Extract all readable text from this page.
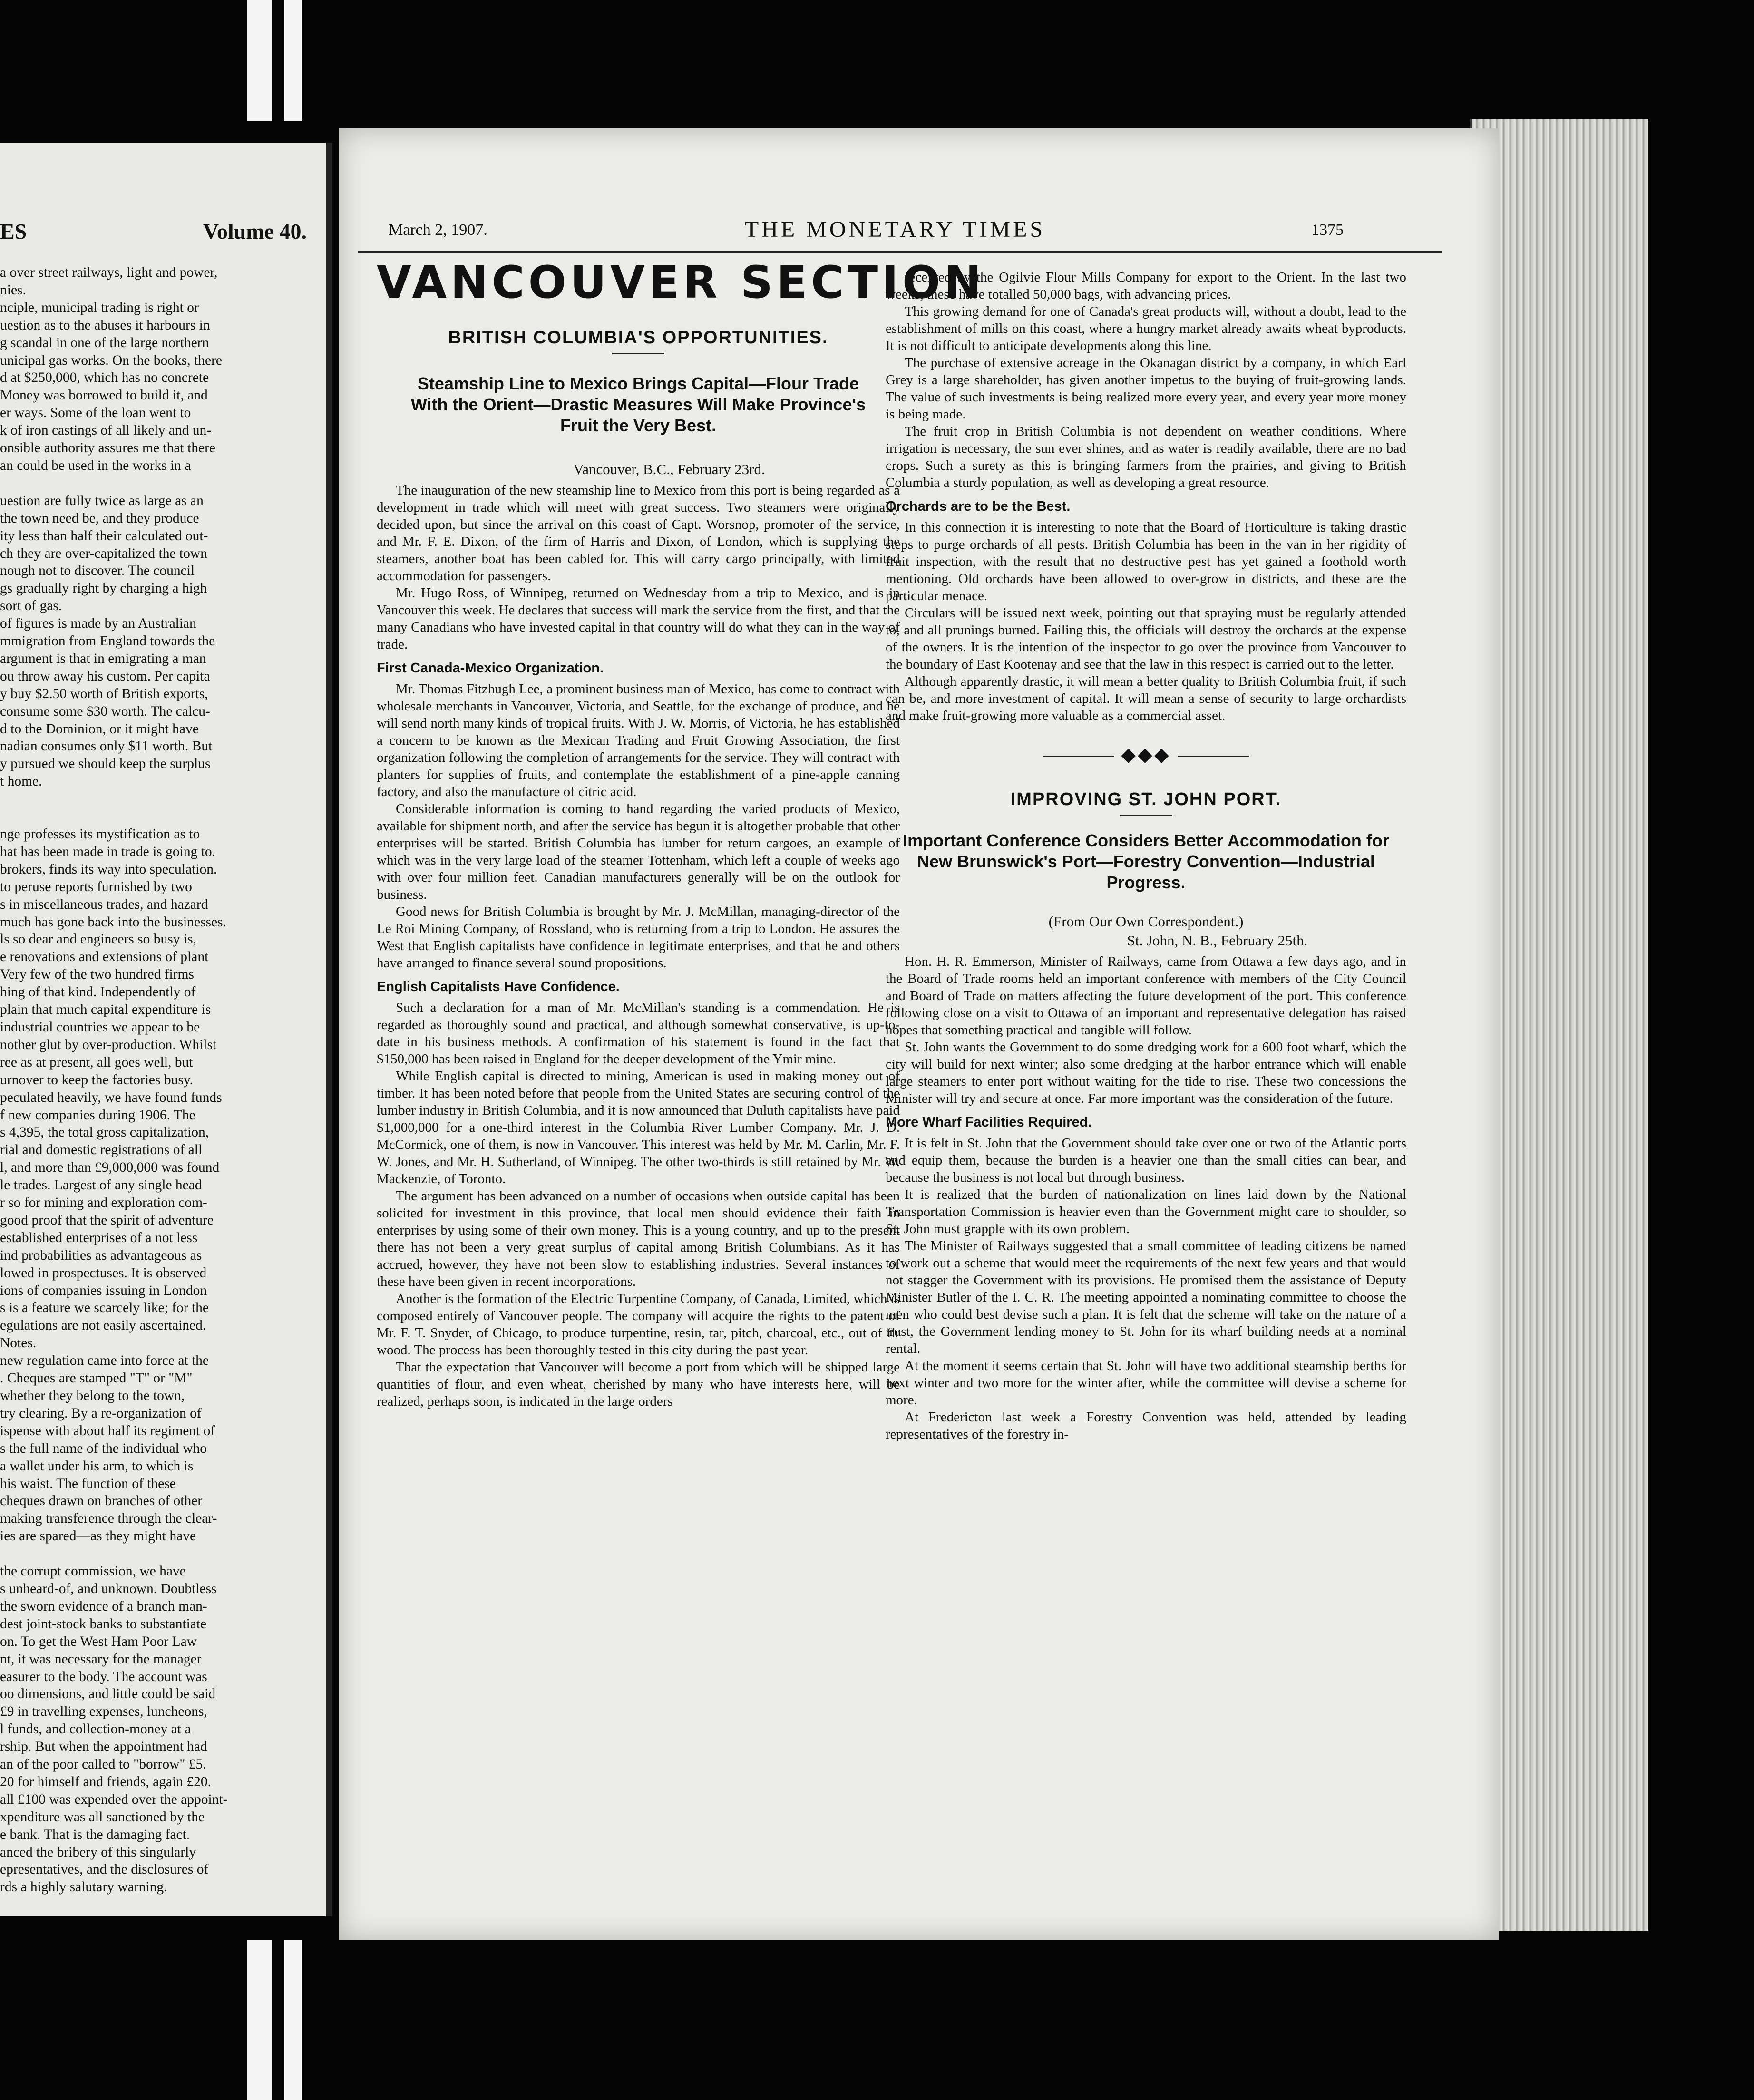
ES	Volume 40.
a over street railways, light and power,
nies.
nciple, municipal trading is right or
uestion as to the abuses it harbours in
g scandal in one of the large northern
unicipal gas works. On the books, there
d at $250,000, which has no concrete
Money was borrowed to build it, and
er ways. Some of the loan went to
k of iron castings of all likely and un-
onsible authority assures me that there
an could be used in the works in a

uestion are fully twice as large as an
the town need be, and they produce
ity less than half their calculated out-
ch they are over-capitalized the town
nough not to discover. The council
gs gradually right by charging a high
sort of gas.
of figures is made by an Australian
mmigration from England towards the
argument is that in emigrating a man
ou throw away his custom. Per capita
y buy $2.50 worth of British exports,
consume some $30 worth. The calcu-
d to the Dominion, or it might have
nadian consumes only $11 worth. But
y pursued we should keep the surplus
t home.

nge professes its mystification as to
hat has been made in trade is going to.
brokers, finds its way into speculation.
to peruse reports furnished by two
s in miscellaneous trades, and hazard
much has gone back into the businesses.
ls so dear and engineers so busy is,
e renovations and extensions of plant
Very few of the two hundred firms
hing of that kind. Independently of
plain that much capital expenditure is
industrial countries we appear to be
nother glut by over-production. Whilst
ree as at present, all goes well, but
urnover to keep the factories busy.
peculated heavily, we have found funds
f new companies during 1906. The
s 4,395, the total gross capitalization,
rial and domestic registrations of all
l, and more than £9,000,000 was found
le trades. Largest of any single head
r so for mining and exploration com-
good proof that the spirit of adventure
established enterprises of a not less
ind probabilities as advantageous as
lowed in prospectuses. It is observed
ions of companies issuing in London
s is a feature we scarcely like; for the
egulations are not easily ascertained.
Notes.
new regulation came into force at the
. Cheques are stamped "T" or "M"
whether they belong to the town,
try clearing. By a re-organization of
ispense with about half its regiment of
s the full name of the individual who
a wallet under his arm, to which is
his waist. The function of these
cheques drawn on branches of other
making transference through the clear-
ies are spared—as they might have

the corrupt commission, we have
s unheard-of, and unknown. Doubtless
the sworn evidence of a branch man-
dest joint-stock banks to substantiate
on. To get the West Ham Poor Law
nt, it was necessary for the manager
easurer to the body. The account was
oo dimensions, and little could be said
£9 in travelling expenses, luncheons,
l funds, and collection-money at a
rship. But when the appointment had
an of the poor called to "borrow" £5.
20 for himself and friends, again £20.
all £100 was expended over the appoint-
xpenditure was all sanctioned by the
e bank. That is the damaging fact.
anced the bribery of this singularly
epresentatives, and the disclosures of
rds a highly salutary warning.
March 2, 1907.	THE MONETARY TIMES	1375
VANCOUVER SECTION
BRITISH COLUMBIA'S OPPORTUNITIES.
Steamship Line to Mexico Brings Capital—Flour Trade With the Orient—Drastic Measures Will Make Province's Fruit the Very Best.
Vancouver, B.C., February 23rd.

The inauguration of the new steamship line to Mexico from this port is being regarded as a development in trade which will meet with great success. Two steamers were originally decided upon, but since the arrival on this coast of Capt. Worsnop, promoter of the service, and Mr. F. E. Dixon, of the firm of Harris and Dixon, of London, which is supplying the steamers, another boat has been cabled for. This will carry cargo principally, with limited accommodation for passengers.

Mr. Hugo Ross, of Winnipeg, returned on Wednesday from a trip to Mexico, and is in Vancouver this week. He declares that success will mark the service from the first, and that the many Canadians who have invested capital in that country will do what they can in the way of trade.

First Canada-Mexico Organization.

Mr. Thomas Fitzhugh Lee, a prominent business man of Mexico, has come to contract with wholesale merchants in Vancouver, Victoria, and Seattle, for the exchange of produce, and he will send north many kinds of tropical fruits. With J. W. Morris, of Victoria, he has established a concern to be known as the Mexican Trading and Fruit Growing Association, the first organization following the completion of arrangements for the service. They will contract with planters for supplies of fruits, and contemplate the establishment of a pine-apple canning factory, and also the manufacture of citric acid.

Considerable information is coming to hand regarding the varied products of Mexico, available for shipment north, and after the service has begun it is altogether probable that other enterprises will be started. British Columbia has lumber for return cargoes, an example of which was in the very large load of the steamer Tottenham, which left a couple of weeks ago with over four million feet. Canadian manufacturers generally will be on the outlook for business.

Good news for British Columbia is brought by Mr. J. McMillan, managing-director of the Le Roi Mining Company, of Rossland, who is returning from a trip to London. He assures the West that English capitalists have confidence in legitimate enterprises, and that he and others have arranged to finance several sound propositions.

English Capitalists Have Confidence.

Such a declaration for a man of Mr. McMillan's standing is a commendation. He is regarded as thoroughly sound and practical, and although somewhat conservative, is up-to-date in his business methods. A confirmation of his statement is found in the fact that $150,000 has been raised in England for the deeper development of the Ymir mine.

While English capital is directed to mining, American is used in making money out of timber. It has been noted before that people from the United States are securing control of the lumber industry in British Columbia, and it is now announced that Duluth capitalists have paid $1,000,000 for a one-third interest in the Columbia River Lumber Company. Mr. J. D. McCormick, one of them, is now in Vancouver. This interest was held by Mr. M. Carlin, Mr. F. W. Jones, and Mr. H. Sutherland, of Winnipeg. The other two-thirds is still retained by Mr. W. Mackenzie, of Toronto.

The argument has been advanced on a number of occasions when outside capital has been solicited for investment in this province, that local men should evidence their faith in enterprises by using some of their own money. This is a young country, and up to the present there has not been a very great surplus of capital among British Columbians. As it has accrued, however, they have not been slow to establishing industries. Several instances of these have been given in recent incorporations.

Another is the formation of the Electric Turpentine Company, of Canada, Limited, which is composed entirely of Vancouver people. The company will acquire the rights to the patent of Mr. F. T. Snyder, of Chicago, to produce turpentine, resin, tar, pitch, charcoal, etc., out of fir wood. The process has been thoroughly tested in this city during the past year.

That the expectation that Vancouver will become a port from which will be shipped large quantities of flour, and even wheat, cherished by many who have interests here, will be realized, perhaps soon, is indicated in the large orders

received by the Ogilvie Flour Mills Company for export to the Orient. In the last two weeks, these have totalled 50,000 bags, with advancing prices.

This growing demand for one of Canada's great products will, without a doubt, lead to the establishment of mills on this coast, where a hungry market already awaits wheat byproducts. It is not difficult to anticipate developments along this line.

The purchase of extensive acreage in the Okanagan district by a company, in which Earl Grey is a large shareholder, has given another impetus to the buying of fruit-growing lands. The value of such investments is being realized more every year, and every year more money is being made.

The fruit crop in British Columbia is not dependent on weather conditions. Where irrigation is necessary, the sun ever shines, and as water is readily available, there are no bad crops. Such a surety as this is bringing farmers from the prairies, and giving to British Columbia a sturdy population, as well as developing a great resource.

Orchards are to be the Best.

In this connection it is interesting to note that the Board of Horticulture is taking drastic steps to purge orchards of all pests. British Columbia has been in the van in her rigidity of fruit inspection, with the result that no destructive pest has yet gained a foothold worth mentioning. Old orchards have been allowed to over-grow in districts, and these are the particular menace.

Circulars will be issued next week, pointing out that spraying must be regularly attended to, and all prunings burned. Failing this, the officials will destroy the orchards at the expense of the owners. It is the intention of the inspector to go over the province from Vancouver to the boundary of East Kootenay and see that the law in this respect is carried out to the letter.

Although apparently drastic, it will mean a better quality to British Columbia fruit, if such can be, and more investment of capital. It will mean a sense of security to large orchardists and make fruit-growing more valuable as a commercial asset.

◆◆◆
IMPROVING ST. JOHN PORT.
Important Conference Considers Better Accommodation for New Brunswick's Port—Forestry Convention—Industrial Progress.
(From Our Own Correspondent.)
St. John, N. B., February 25th.

Hon. H. R. Emmerson, Minister of Railways, came from Ottawa a few days ago, and in the Board of Trade rooms held an important conference with members of the City Council and Board of Trade on matters affecting the future development of the port. This conference following close on a visit to Ottawa of an important and representative delegation has raised hopes that something practical and tangible will follow.

St. John wants the Government to do some dredging work for a 600 foot wharf, which the city will build for next winter; also some dredging at the harbor entrance which will enable large steamers to enter port without waiting for the tide to rise. These two concessions the Minister will try and secure at once. Far more important was the consideration of the future.

More Wharf Facilities Required.

It is felt in St. John that the Government should take over one or two of the Atlantic ports and equip them, because the burden is a heavier one than the small cities can bear, and because the business is not local but through business.

It is realized that the burden of nationalization on lines laid down by the National Transportation Commission is heavier even than the Government might care to shoulder, so St. John must grapple with its own problem.

The Minister of Railways suggested that a small committee of leading citizens be named to work out a scheme that would meet the requirements of the next few years and that would not stagger the Government with its provisions. He promised them the assistance of Deputy Minister Butler of the I. C. R. The meeting appointed a nominating committee to choose the men who could best devise such a plan. It is felt that the scheme will take on the nature of a trust, the Government lending money to St. John for its wharf building needs at a nominal rental.

At the moment it seems certain that St. John will have two additional steamship berths for next winter and two more for the winter after, while the committee will devise a scheme for more.

At Fredericton last week a Forestry Convention was held, attended by leading representatives of the forestry in-
